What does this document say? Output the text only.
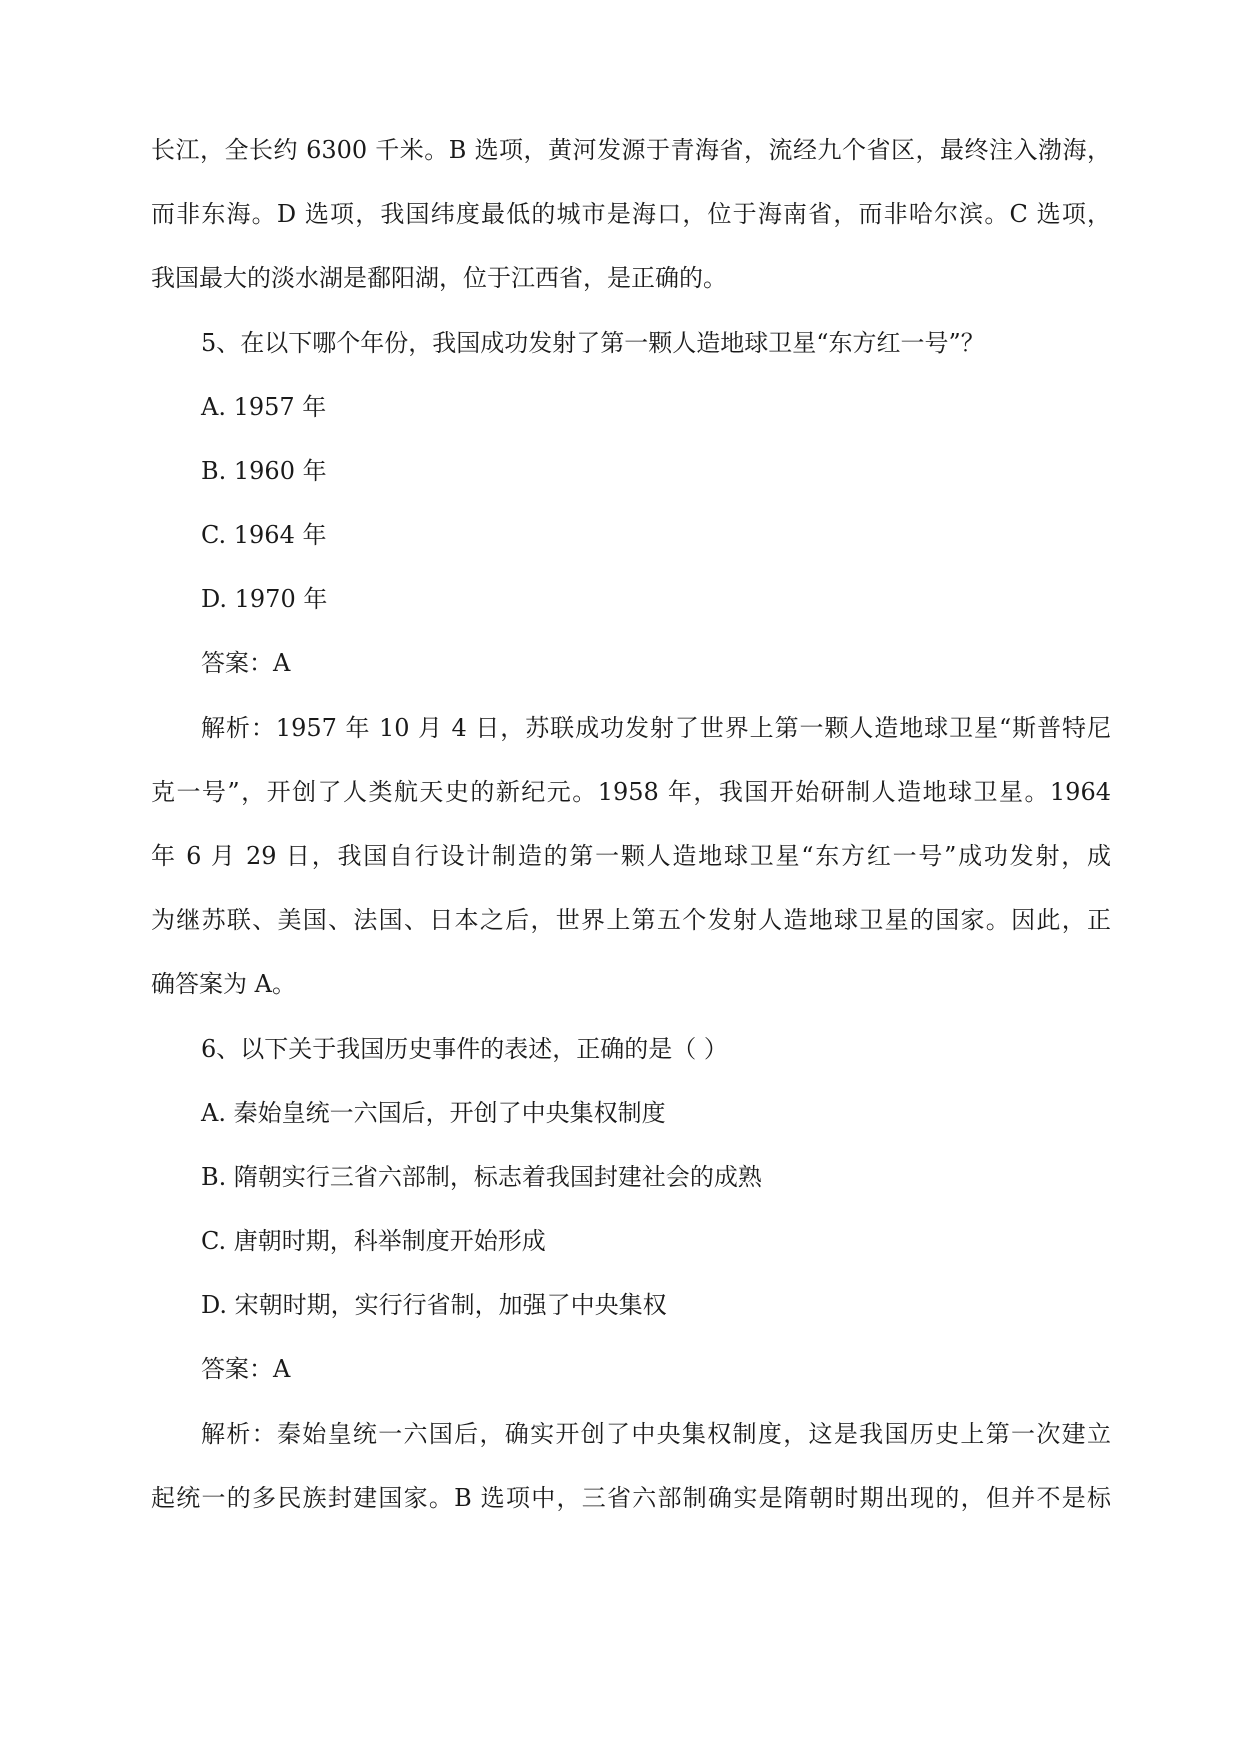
长江，全长约 6300 千米。B 选项，黄河发源于青海省，流经九个省区，最终注入渤海，
而非东海。D 选项，我国纬度最低的城市是海口，位于海南省，而非哈尔滨。C 选项，
我国最大的淡水湖是鄱阳湖，位于江西省，是正确的。
5、在以下哪个年份，我国成功发射了第一颗人造地球卫星“东方红一号”？
A. 1957 年
B. 1960 年
C. 1964 年
D. 1970 年
答案：A
解析：1957 年 10 月 4 日，苏联成功发射了世界上第一颗人造地球卫星“斯普特尼
克一号”，开创了人类航天史的新纪元。1958 年，我国开始研制人造地球卫星。1964
年 6 月 29 日，我国自行设计制造的第一颗人造地球卫星“东方红一号”成功发射，成
为继苏联、美国、法国、日本之后，世界上第五个发射人造地球卫星的国家。因此，正
确答案为 A。
6、以下关于我国历史事件的表述，正确的是（ ）
A. 秦始皇统一六国后，开创了中央集权制度
B. 隋朝实行三省六部制，标志着我国封建社会的成熟
C. 唐朝时期，科举制度开始形成
D. 宋朝时期，实行行省制，加强了中央集权
答案：A
解析：秦始皇统一六国后，确实开创了中央集权制度，这是我国历史上第一次建立
起统一的多民族封建国家。B 选项中，三省六部制确实是隋朝时期出现的，但并不是标
